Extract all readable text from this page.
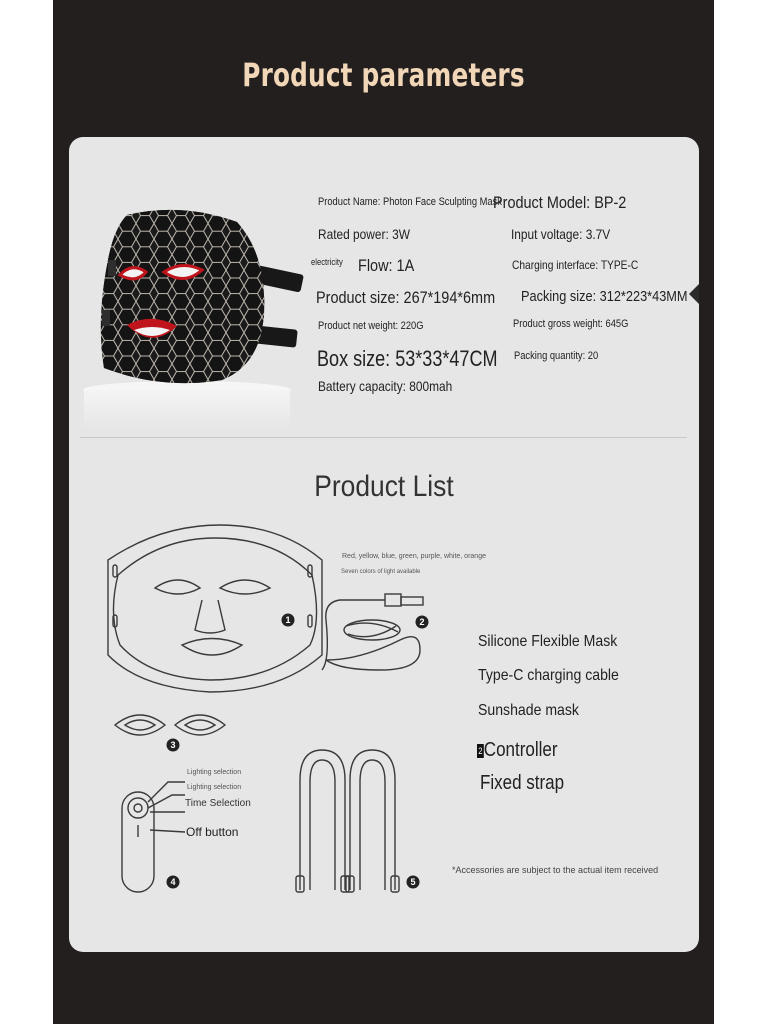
Product parameters
Product Name: Photon Face Sculpting Mask
Product Model: BP-2
Rated power: 3W	Input voltage: 3.7V
electricity Flow: 1A	Charging interface: TYPE-C
Product size: 267*194*6mm Packing size: 312*223*43MM
Product net weight: 220G	Product gross weight: 645G
Box size: 53*33*47CM Packing quantity: 20
Battery capacity: 800mah
Product List
1	2
3
4	5
Red, yellow, blue, green, purple, white, orange
Seven colors of light available
Lighting selection
Lighting selection
Time Selection
Off button
Silicone Flexible Mask
Type-C charging cable
Sunshade mask
2Controller
Fixed strap
*Accessories are subject to the actual item received
